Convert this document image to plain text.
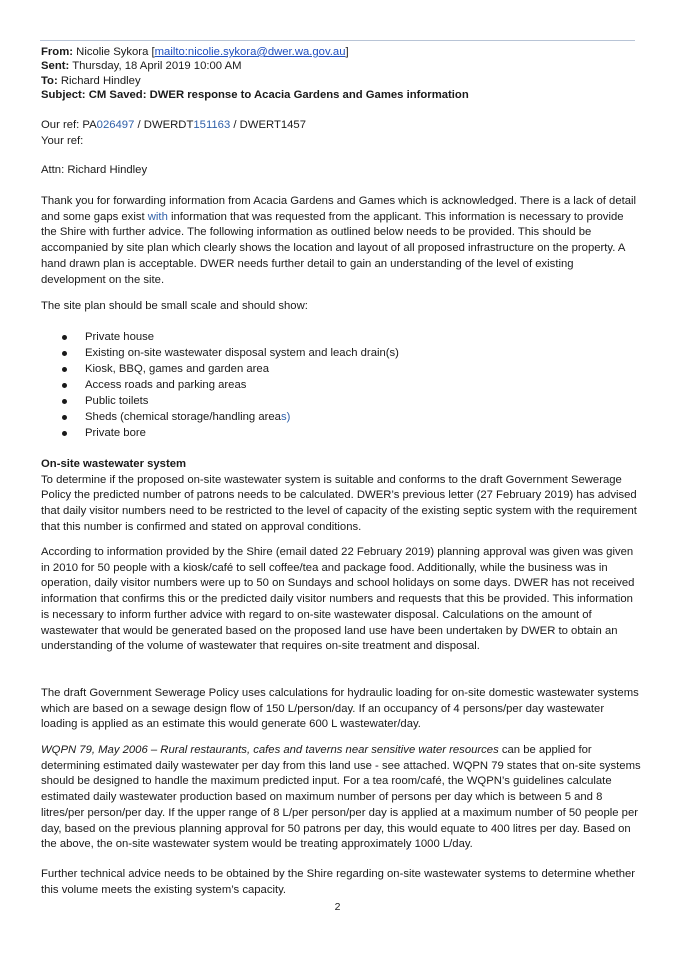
From: Nicolie Sykora [mailto:nicolie.sykora@dwer.wa.gov.au]
Sent: Thursday, 18 April 2019 10:00 AM
To: Richard Hindley
Subject: CM Saved: DWER response to Acacia Gardens and Games information
Our ref: PA026497 / DWERDT151163 / DWERT1457
Your ref:
Attn: Richard Hindley

Thank you for forwarding information from Acacia Gardens and Games which is acknowledged. There is a lack of detail and some gaps exist with information that was requested from the applicant. This information is necessary to provide the Shire with further advice. The following information as outlined below needs to be provided. This should be accompanied by site plan which clearly shows the location and layout of all proposed infrastructure on the property. A hand drawn plan is acceptable. DWER needs further detail to gain an understanding of the level of existing development on the site.

The site plan should be small scale and should show:

Private house
Existing on-site wastewater disposal system and leach drain(s)
Kiosk, BBQ, games and garden area
Access roads and parking areas
Public toilets
Sheds (chemical storage/handling areas)
Private bore
On-site wastewater system

To determine if the proposed on-site wastewater system is suitable and conforms to the draft Government Sewerage Policy the predicted number of patrons needs to be calculated. DWER’s previous letter (27 February 2019) has advised that daily visitor numbers need to be restricted to the level of capacity of the existing septic system with the requirement that this number is confirmed and stated on approval conditions.

According to information provided by the Shire (email dated 22 February 2019) planning approval was given was given in 2010 for 50 people with a kiosk/café to sell coffee/tea and package food. Additionally, while the business was in operation, daily visitor numbers were up to 50 on Sundays and school holidays on some days. DWER has not received information that confirms this or the predicted daily visitor numbers and requests that this be provided. This information is necessary to inform further advice with regard to on-site wastewater disposal. Calculations on the amount of wastewater that would be generated based on the proposed land use have been undertaken by DWER to obtain an understanding of the volume of wastewater that requires on-site treatment and disposal.

The draft Government Sewerage Policy uses calculations for hydraulic loading for on-site domestic wastewater systems which are based on a sewage design flow of 150 L/person/day. If an occupancy of 4 persons/per day wastewater loading is applied as an estimate this would generate 600 L wastewater/day.

WQPN 79, May 2006 – Rural restaurants, cafes and taverns near sensitive water resources can be applied for determining estimated daily wastewater per day from this land use - see attached. WQPN 79 states that on-site systems should be designed to handle the maximum predicted input. For a tea room/café, the WQPN’s guidelines calculate estimated daily wastewater production based on maximum number of persons per day which is between 5 and 8 litres/per person/per day. If the upper range of 8 L/per person/per day is applied at a maximum number of 50 people per day, based on the previous planning approval for 50 patrons per day, this would equate to 400 litres per day. Based on the above, the on-site wastewater system would be treating approximately 1000 L/day.

Further technical advice needs to be obtained by the Shire regarding on-site wastewater systems to determine whether this volume meets the existing system’s capacity.

2
